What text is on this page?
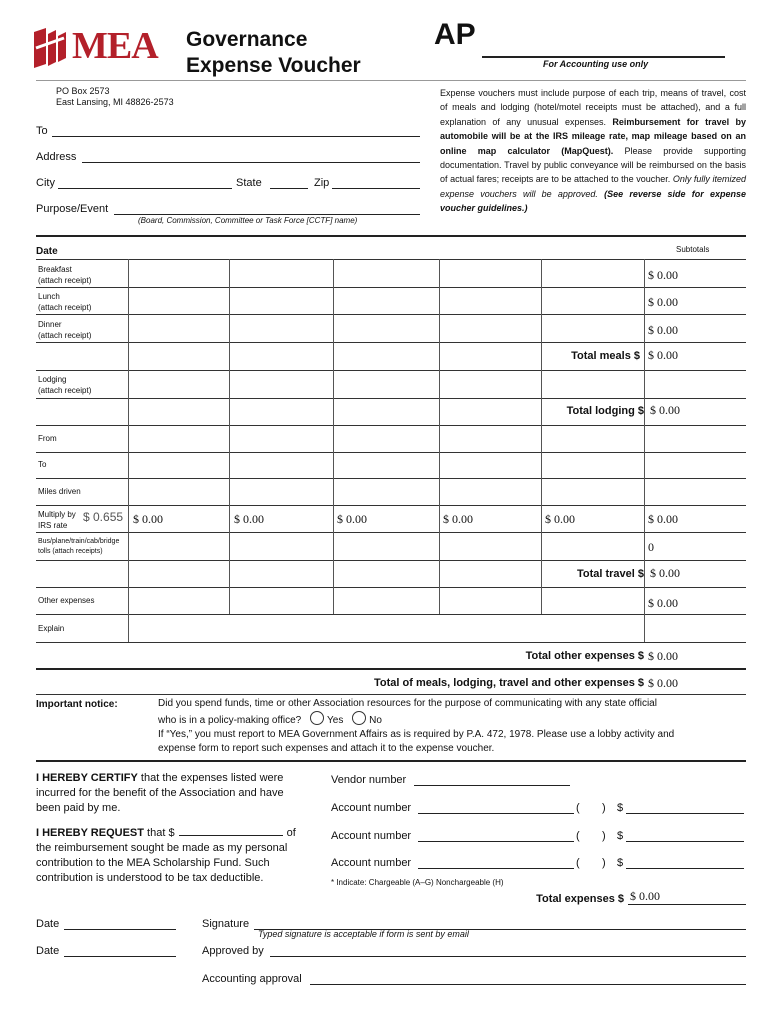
MEA Governance
Expense Voucher
AP
For Accounting use only
PO Box 2573
East Lansing, MI 48826-2573
To
Address
City	State	Zip
Purpose/Event
(Board, Commission, Committee or Task Force [CCTF] name)
Expense vouchers must include purpose of each trip, means of travel, cost of meals and lodging (hotel/motel receipts must be attached), and a full explanation of any unusual expenses. Reimbursement for travel by automobile will be at the IRS mileage rate, map mileage based on an online map calculator (MapQuest). Please provide supporting documentation. Travel by public conveyance will be reimbursed on the basis of actual fares; receipts are to be attached to the voucher. Only fully itemized expense vouchers will be approved. (See reverse side for expense voucher guidelines.)
Date	Subtotals
Breakfast
(attach receipt)	$ 0.00
Lunch
(attach receipt)	$ 0.00
Dinner
(attach receipt)	$ 0.00
Total meals $ $ 0.00
Lodging
(attach receipt)
Total lodging $ $ 0.00
From
To
Miles driven
Multiply by
IRS rate
$ 0.655 $ 0.00	$ 0.00	$ 0.00	$ 0.00	$ 0.00	$ 0.00
Bus/plane/train/cab/bridge
tolls (attach receipts)	0
Total travel $ $ 0.00
Other expenses	$ 0.00
Explain
Total other expenses $ $ 0.00
Total of meals, lodging, travel and other expenses $ $ 0.00
Important notice:	Did you spend funds, time or other Association resources for the purpose of communicating with any state official
who is in a policy-making office?	Yes	No
If “Yes,” you must report to MEA Government Affairs as is required by P.A. 472, 1978. Please use a lobby activity and
expense form to report such expenses and attach it to the expense voucher.
I HEREBY CERTIFY that the expenses listed were
incurred for the benefit of the Association and have
been paid by me.
I HEREBY REQUEST that $	of
the reimbursement sought be made as my personal
contribution to the MEA Scholarship Fund. Such
contribution is understood to be tax deductible.
Vendor number
Account number	( ) $
Account number	( ) $
Account number	( ) $
* Indicate: Chargeable (A–G) Nonchargeable (H)
Total expenses $ $ 0.00
Date	Signature
Typed signature is acceptable if form is sent by email
Date	Approved by
Accounting approval
